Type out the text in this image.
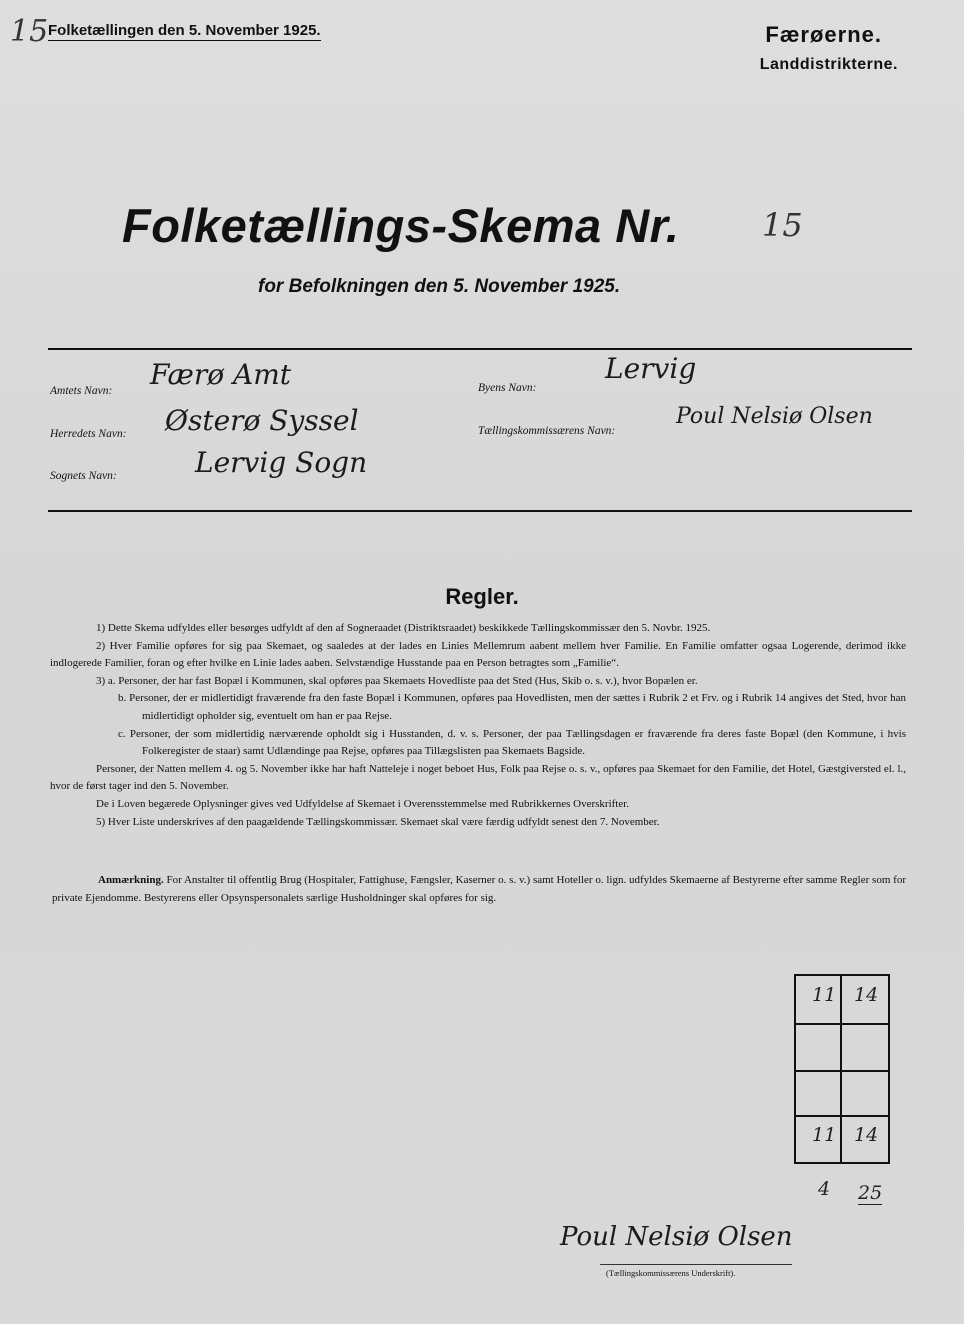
15 Folketællingen den 5. November 1925.	Færøerne.
Landdistrikterne.
Folketællings-Skema Nr.	15
for Befolkningen den 5. November 1925.
Amtets Navn: Færø Amt
Herredets Navn: Østerø Syssel
Sognets Navn:	Lervig Sogn
Byens Navn:
Lervig
Tællingskommissærens Navn:
Poul Nelsiø Olsen
Regler.

1) Dette Skema udfyldes eller besørges udfyldt af den af Sogneraadet (Distriktsraadet) beskikkede Tællingskommissær den 5. Novbr. 1925.

2) Hver Familie opføres for sig paa Skemaet, og saaledes at der lades en Linies Mellemrum aabent mellem hver Familie. En Familie omfatter ogsaa Logerende, derimod ikke indlogerede Familier, foran og efter hvilke en Linie lades aaben. Selvstændige Husstande paa en Person betragtes som „Familie“.

3) a. Personer, der har fast Bopæl i Kommunen, skal opføres paa Skemaets Hovedliste paa det Sted (Hus, Skib o. s. v.), hvor Bopælen er.

b. Personer, der er midlertidigt fraværende fra den faste Bopæl i Kommunen, opføres paa Hovedlisten, men der sættes i Rubrik 2 et Frv. og i Rubrik 14 angives det Sted, hvor han midlertidigt opholder sig, eventuelt om han er paa Rejse.

c. Personer, der som midlertidig nærværende opholdt sig i Husstanden, d. v. s. Personer, der paa Tællingsdagen er fraværende fra deres faste Bopæl (den Kommune, i hvis Folkeregister de staar) samt Udlændinge paa Rejse, opføres paa Tillægslisten paa Skemaets Bagside.

Personer, der Natten mellem 4. og 5. November ikke har haft Natteleje i noget beboet Hus, Folk paa Rejse o. s. v., opføres paa Skemaet for den Familie, det Hotel, Gæstgiversted el. l., hvor de først tager ind den 5. November.

De i Loven begærede Oplysninger gives ved Udfyldelse af Skemaet i Overensstemmelse med Rubrikkernes Overskrifter.

5) Hver Liste underskrives af den paagældende Tællingskommissær. Skemaet skal være færdig udfyldt senest den 7. November.

Anmærkning. For Anstalter til offentlig Brug (Hospitaler, Fattighuse, Fængsler, Kaserner o. s. v.) samt Hoteller o. lign. udfyldes Skemaerne af Bestyrerne efter samme Regler som for private Ejendomme. Bestyrerens eller Opsynspersonalets særlige Husholdninger skal opføres for sig.
11 14
11 14
4 25
Poul Nelsiø Olsen
(Tællingskommissærens Underskrift).
